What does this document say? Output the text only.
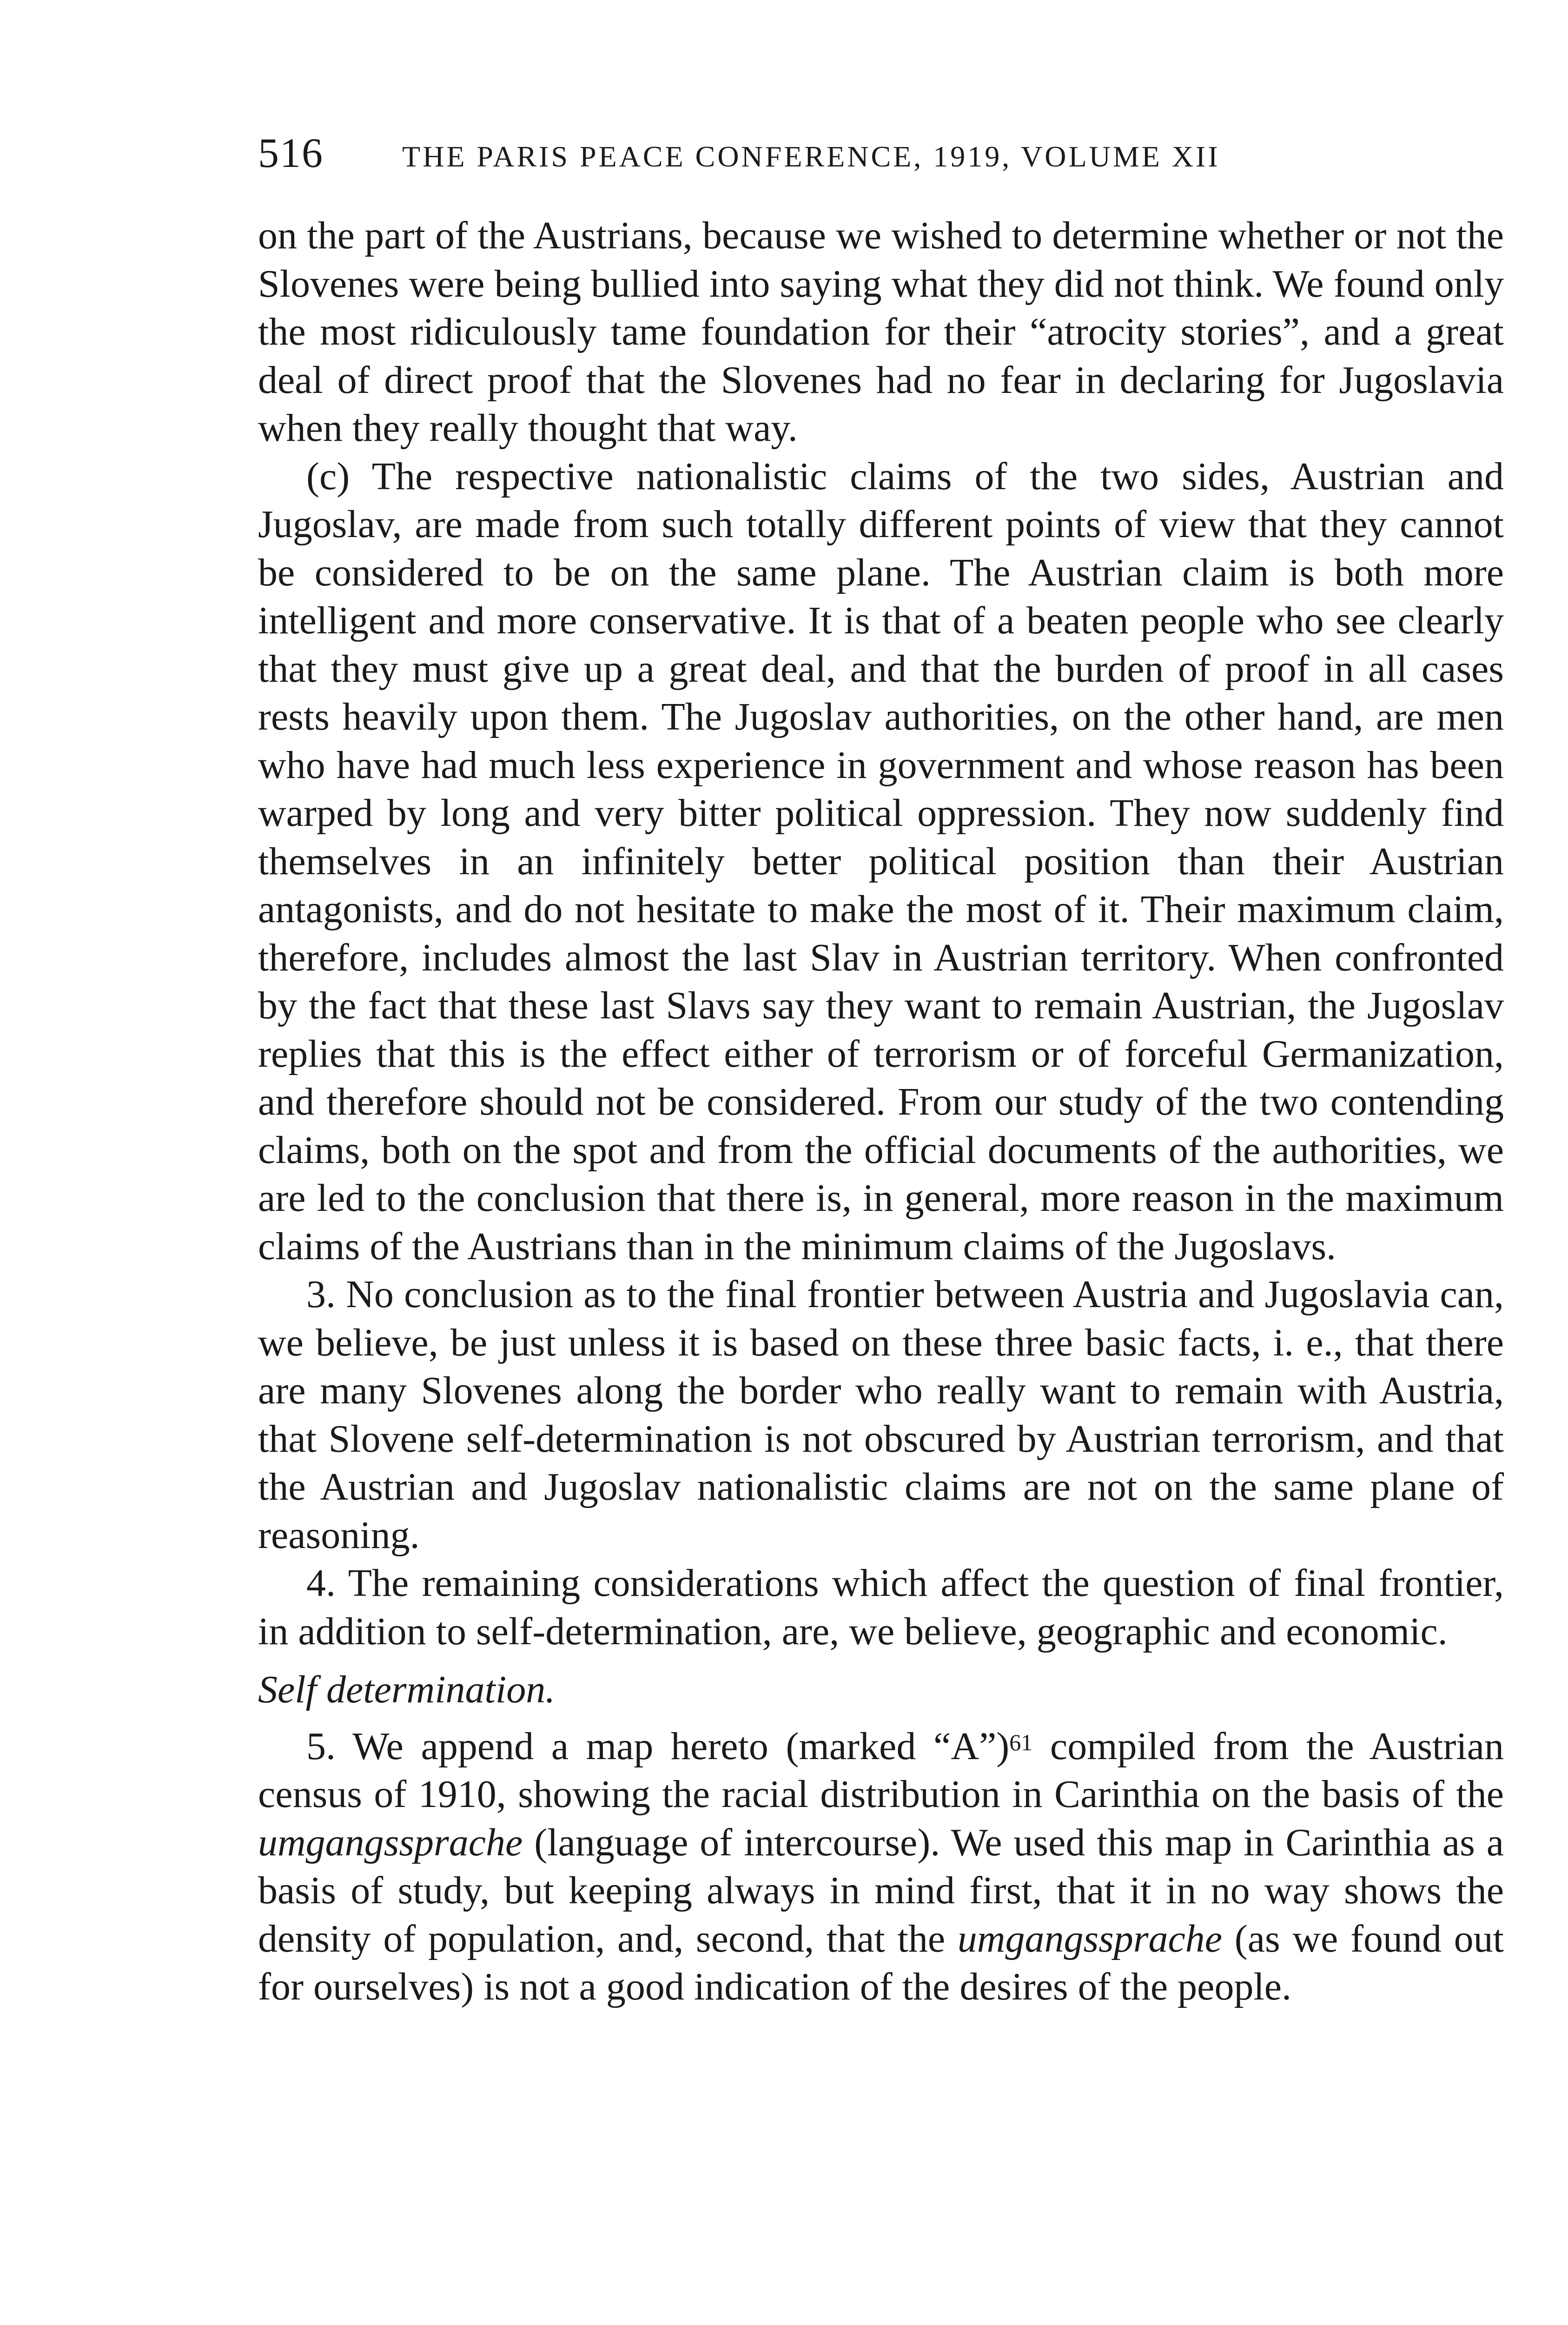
516	THE PARIS PEACE CONFERENCE, 1919, VOLUME XII

on the part of the Austrians, because we wished to determine whether or not the Slovenes were being bullied into saying what they did not think. We found only the most ridiculously tame foundation for their “atrocity stories”, and a great deal of direct proof that the Slovenes had no fear in declaring for Jugoslavia when they really thought that way.

(c) The respective nationalistic claims of the two sides, Austrian and Jugoslav, are made from such totally different points of view that they cannot be considered to be on the same plane. The Austrian claim is both more intelligent and more conservative. It is that of a beaten people who see clearly that they must give up a great deal, and that the burden of proof in all cases rests heavily upon them. The Jugoslav authorities, on the other hand, are men who have had much less experience in government and whose reason has been warped by long and very bitter political oppression. They now suddenly find themselves in an infinitely better political position than their Austrian antagonists, and do not hesitate to make the most of it. Their maximum claim, therefore, includes almost the last Slav in Austrian territory. When confronted by the fact that these last Slavs say they want to remain Austrian, the Jugoslav replies that this is the effect either of terrorism or of forceful Germanization, and therefore should not be considered. From our study of the two contending claims, both on the spot and from the official documents of the authorities, we are led to the conclusion that there is, in general, more reason in the maximum claims of the Austrians than in the minimum claims of the Jugoslavs.

3. No conclusion as to the final frontier between Austria and Jugoslavia can, we believe, be just unless it is based on these three basic facts, i. e., that there are many Slovenes along the border who really want to remain with Austria, that Slovene self-determination is not obscured by Austrian terrorism, and that the Austrian and Jugoslav nationalistic claims are not on the same plane of reasoning.

4. The remaining considerations which affect the question of final frontier, in addition to self-determination, are, we believe, geographic and economic.

Self determination.

5. We append a map hereto (marked “A”)$^{61}$ compiled from the Austrian census of 1910, showing the racial distribution in Carinthia on the basis of the umgangssprache (language of intercourse). We used this map in Carinthia as a basis of study, but keeping always in mind first, that it in no way shows the density of population, and, second, that the umgangssprache (as we found out for ourselves) is not a good indication of the desires of the people.
